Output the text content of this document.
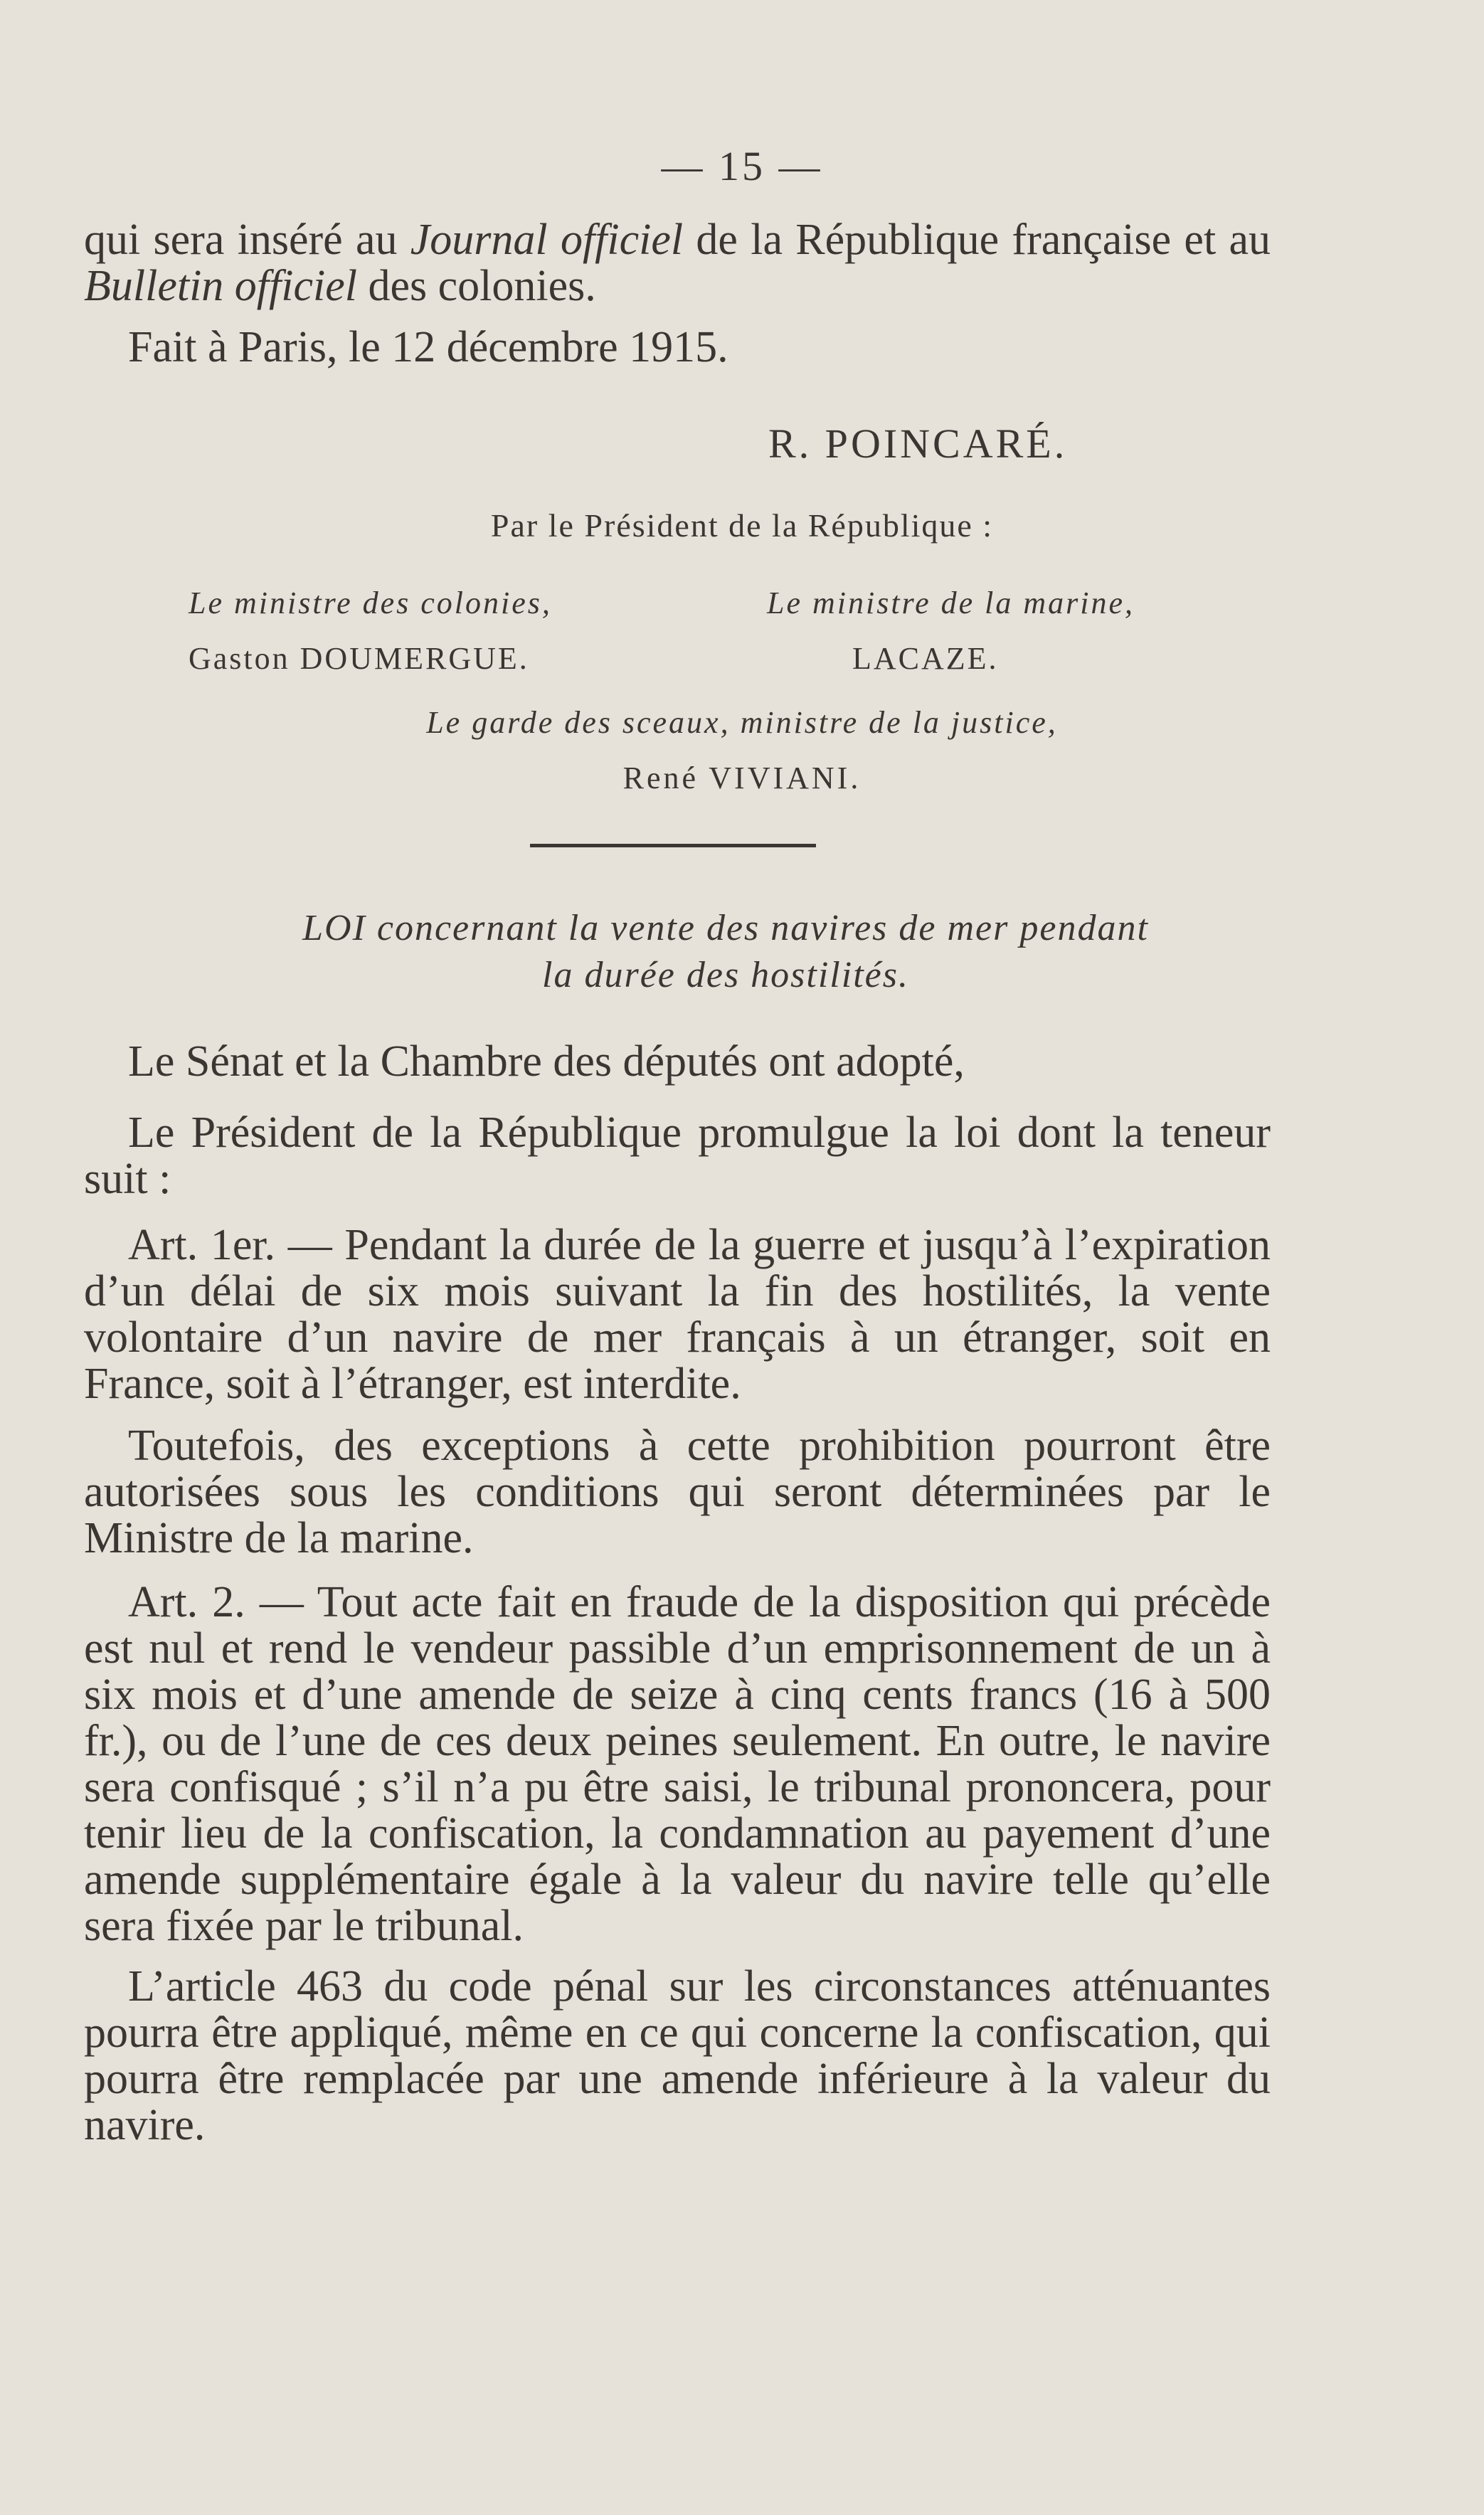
— 15 —

qui sera inséré au Journal officiel de la République française et au Bulletin officiel des colonies.

Fait à Paris, le 12 décembre 1915.

R. POINCARÉ.
Par le Président de la République :
Le ministre des colonies,	Le ministre de la marine,
Gaston DOUMERGUE.	LACAZE.
Le garde des sceaux, ministre de la justice,
René VIVIANI.
LOI concernant la vente des navires de mer pendant
la durée des hostilités.

Le Sénat et la Chambre des députés ont adopté,

Le Président de la République promulgue la loi dont la teneur suit :

Art. 1er. — Pendant la durée de la guerre et jusqu’à l’expiration d’un délai de six mois suivant la fin des hostilités, la vente volontaire d’un navire de mer français à un étranger, soit en France, soit à l’étranger, est interdite.

Toutefois, des exceptions à cette prohibition pourront être autorisées sous les conditions qui seront déterminées par le Ministre de la marine.

Art. 2. — Tout acte fait en fraude de la disposition qui précède est nul et rend le vendeur passible d’un emprisonnement de un à six mois et d’une amende de seize à cinq cents francs (16 à 500 fr.), ou de l’une de ces deux peines seulement. En outre, le navire sera confisqué ; s’il n’a pu être saisi, le tribunal prononcera, pour tenir lieu de la confiscation, la condamnation au payement d’une amende supplémentaire égale à la valeur du navire telle qu’elle sera fixée par le tribunal.

L’article 463 du code pénal sur les circonstances atténuantes pourra être appliqué, même en ce qui concerne la confiscation, qui pourra être remplacée par une amende inférieure à la valeur du navire.
